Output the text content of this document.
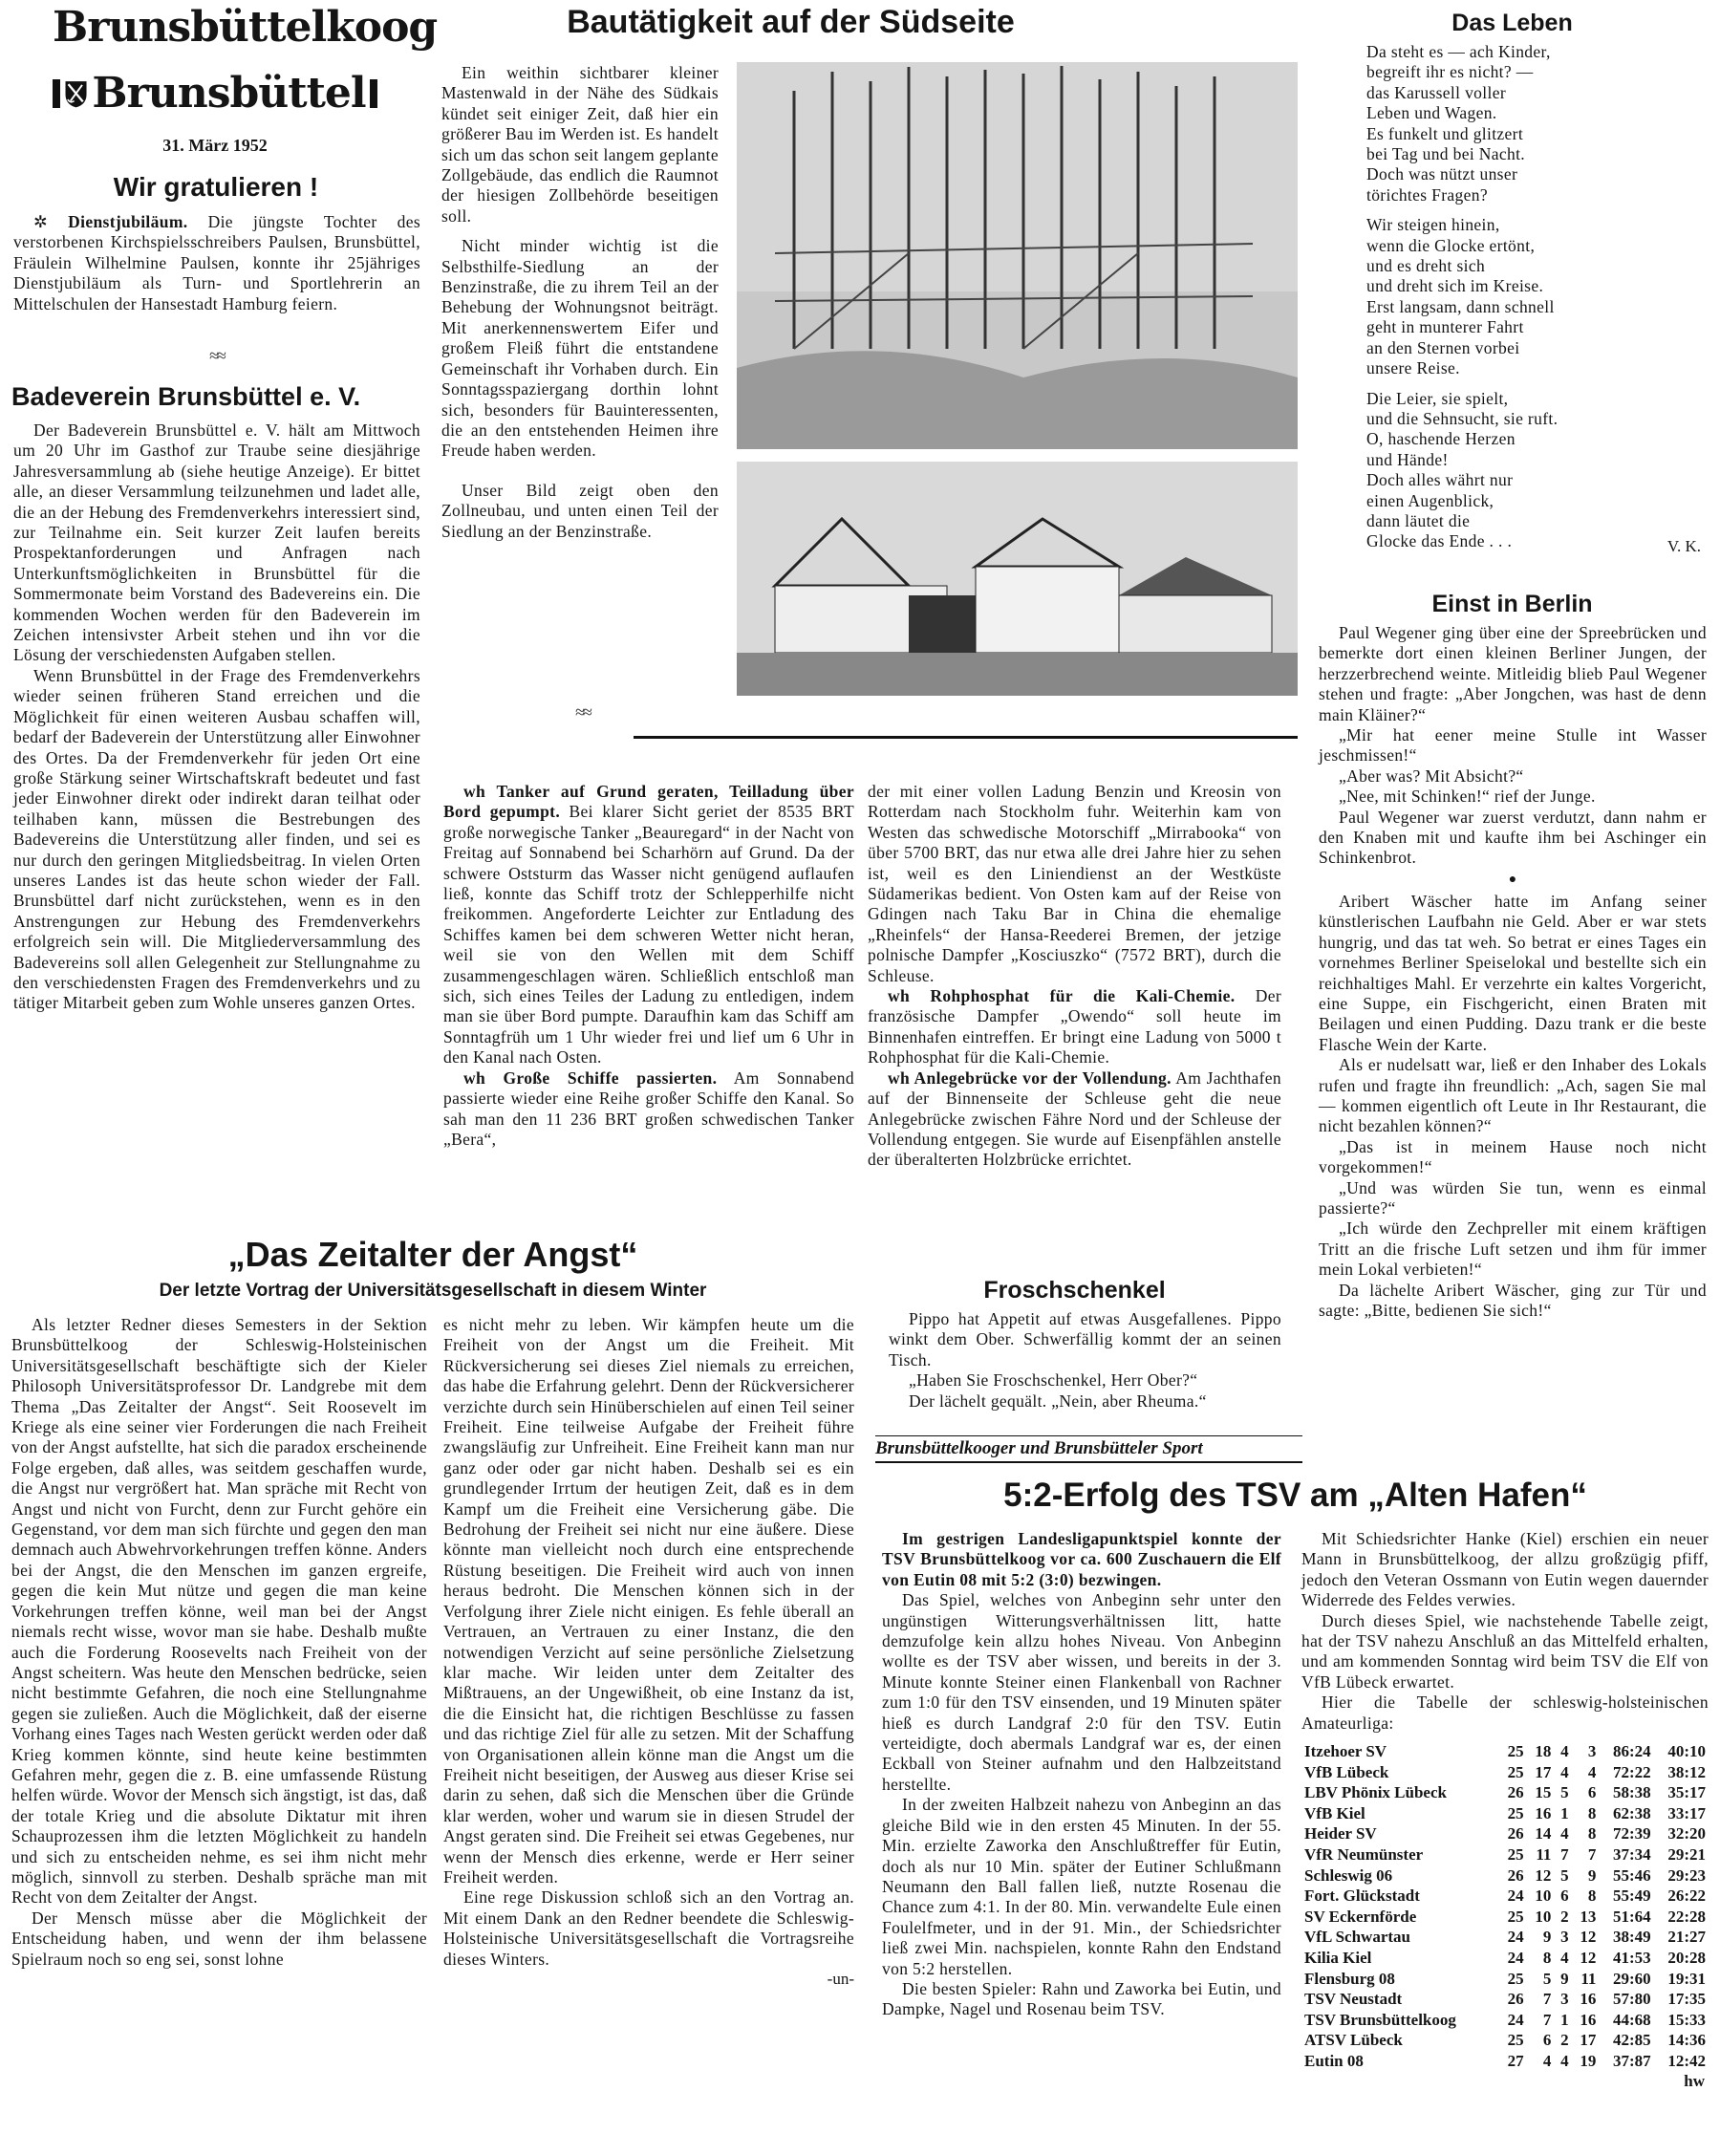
Brunsbüttelkoog
Brunsbüttel
31. März 1952
Wir gratulieren !

✲ Dienstjubiläum. Die jüngste Tochter des verstorbenen Kirchspielsschreibers Paulsen, Brunsbüttel, Fräulein Wilhelmine Paulsen, konnte ihr 25jähriges Dienstjubiläum als Turn- und Sportlehrerin an Mittelschulen der Hansestadt Hamburg feiern.

≈≈
Badeverein Brunsbüttel e. V.

Der Badeverein Brunsbüttel e. V. hält am Mittwoch um 20 Uhr im Gasthof zur Traube seine diesjährige Jahresversammlung ab (siehe heutige Anzeige). Er bittet alle, an dieser Versammlung teilzunehmen und ladet alle, die an der Hebung des Fremdenverkehrs interessiert sind, zur Teilnahme ein. Seit kurzer Zeit laufen bereits Prospektanforderungen und Anfragen nach Unterkunftsmöglichkeiten in Brunsbüttel für die Sommermonate beim Vorstand des Badevereins ein. Die kommenden Wochen werden für den Badeverein im Zeichen intensivster Arbeit stehen und ihn vor die Lösung der verschiedensten Aufgaben stellen.

Wenn Brunsbüttel in der Frage des Fremdenverkehrs wieder seinen früheren Stand erreichen und die Möglichkeit für einen weiteren Ausbau schaffen will, bedarf der Badeverein der Unterstützung aller Einwohner des Ortes. Da der Fremdenverkehr für jeden Ort eine große Stärkung seiner Wirtschaftskraft bedeutet und fast jeder Einwohner direkt oder indirekt daran teilhat oder teilhaben kann, müssen die Bestrebungen des Badevereins die Unterstützung aller finden, und sei es nur durch den geringen Mitgliedsbeitrag. In vielen Orten unseres Landes ist das heute schon wieder der Fall. Brunsbüttel darf nicht zurückstehen, wenn es in den Anstrengungen zur Hebung des Fremdenverkehrs erfolgreich sein will. Die Mitgliederversammlung des Badevereins soll allen Gelegenheit zur Stellungnahme zu den verschiedensten Fragen des Fremdenverkehrs und zu tätiger Mitarbeit geben zum Wohle unseres ganzen Ortes.

Bautätigkeit auf der Südseite

Ein weithin sichtbarer kleiner Mastenwald in der Nähe des Südkais kündet seit einiger Zeit, daß hier ein größerer Bau im Werden ist. Es handelt sich um das schon seit langem geplante Zollgebäude, das endlich die Raumnot der hiesigen Zollbehörde beseitigen soll.

Nicht minder wichtig ist die Selbsthilfe-Siedlung an der Benzinstraße, die zu ihrem Teil an der Behebung der Wohnungsnot beiträgt. Mit anerkennenswertem Eifer und großem Fleiß führt die entstandene Gemeinschaft ihr Vorhaben durch. Ein Sonntagsspaziergang dorthin lohnt sich, besonders für Bauinteressenten, die an den entstehenden Heimen ihre Freude haben werden.

Unser Bild zeigt oben den Zollneubau, und unten einen Teil der Siedlung an der Benzinstraße.

≈≈
Das Leben

Da steht es — ach Kinder,
begreift ihr es nicht? —
das Karussell voller
Leben und Wagen.
Es funkelt und glitzert
bei Tag und bei Nacht.
Doch was nützt unser
törichtes Fragen?

Wir steigen hinein,
wenn die Glocke ertönt,
und es dreht sich
und dreht sich im Kreise.
Erst langsam, dann schnell
geht in munterer Fahrt
an den Sternen vorbei
unsere Reise.

Die Leier, sie spielt,
und die Sehnsucht, sie ruft.
O, haschende Herzen
und Hände!
Doch alles währt nur
einen Augenblick,
dann läutet die
Glocke das Ende . . .	V. K.
Einst in Berlin

Paul Wegener ging über eine der Spreebrücken und bemerkte dort einen kleinen Berliner Jungen, der herzzerbrechend weinte. Mitleidig blieb Paul Wegener stehen und fragte: „Aber Jongchen, was hast de denn main Kläiner?“

„Mir hat eener meine Stulle int Wasser jeschmissen!“

„Aber was? Mit Absicht?“

„Nee, mit Schinken!“ rief der Junge.

Paul Wegener war zuerst verdutzt, dann nahm er den Knaben mit und kaufte ihm bei Aschinger ein Schinkenbrot.

●

Aribert Wäscher hatte im Anfang seiner künstlerischen Laufbahn nie Geld. Aber er war stets hungrig, und das tat weh. So betrat er eines Tages ein vornehmes Berliner Speiselokal und bestellte sich ein reichhaltiges Mahl. Er verzehrte ein kaltes Vorgericht, eine Suppe, ein Fischgericht, einen Braten mit Beilagen und einen Pudding. Dazu trank er die beste Flasche Wein der Karte.

Als er nudelsatt war, ließ er den Inhaber des Lokals rufen und fragte ihn freundlich: „Ach, sagen Sie mal — kommen eigentlich oft Leute in Ihr Restaurant, die nicht bezahlen können?“

„Das ist in meinem Hause noch nicht vorgekommen!“

„Und was würden Sie tun, wenn es einmal passierte?“

„Ich würde den Zechpreller mit einem kräftigen Tritt an die frische Luft setzen und ihm für immer mein Lokal verbieten!“

Da lächelte Aribert Wäscher, ging zur Tür und sagte: „Bitte, bedienen Sie sich!“

wh Tanker auf Grund geraten, Teilladung über Bord gepumpt. Bei klarer Sicht geriet der 8535 BRT große norwegische Tanker „Beauregard“ in der Nacht von Freitag auf Sonnabend bei Scharhörn auf Grund. Da der schwere Oststurm das Wasser nicht genügend auflaufen ließ, konnte das Schiff trotz der Schlepperhilfe nicht freikommen. Angeforderte Leichter zur Entladung des Schiffes kamen bei dem schweren Wetter nicht heran, weil sie von den Wellen mit dem Schiff zusammengeschlagen wären. Schließlich entschloß man sich, sich eines Teiles der Ladung zu entledigen, indem man sie über Bord pumpte. Daraufhin kam das Schiff am Sonntagfrüh um 1 Uhr wieder frei und lief um 6 Uhr in den Kanal nach Osten.

wh Große Schiffe passierten. Am Sonnabend passierte wieder eine Reihe großer Schiffe den Kanal. So sah man den 11 236 BRT großen schwedischen Tanker „Bera“,

der mit einer vollen Ladung Benzin und Kreosin von Rotterdam nach Stockholm fuhr. Weiterhin kam von Westen das schwedische Motorschiff „Mirrabooka“ von über 5700 BRT, das nur etwa alle drei Jahre hier zu sehen ist, weil es den Liniendienst an der Westküste Südamerikas bedient. Von Osten kam auf der Reise von Gdingen nach Taku Bar in China die ehemalige „Rheinfels“ der Hansa-Reederei Bremen, der jetzige polnische Dampfer „Kosciuszko“ (7572 BRT), durch die Schleuse.

wh Rohphosphat für die Kali-Chemie. Der französische Dampfer „Owendo“ soll heute im Binnenhafen eintreffen. Er bringt eine Ladung von 5000 t Rohphosphat für die Kali-Chemie.

wh Anlegebrücke vor der Vollendung. Am Jachthafen auf der Binnenseite der Schleuse geht die neue Anlegebrücke zwischen Fähre Nord und der Schleuse der Vollendung entgegen. Sie wurde auf Eisenpfählen anstelle der überalterten Holzbrücke errichtet.

Froschschenkel

Pippo hat Appetit auf etwas Ausgefallenes. Pippo winkt dem Ober. Schwerfällig kommt der an seinen Tisch.

„Haben Sie Froschschenkel, Herr Ober?“

Der lächelt gequält. „Nein, aber Rheuma.“

„Das Zeitalter der Angst“
Der letzte Vortrag der Universitätsgesellschaft in diesem Winter

Als letzter Redner dieses Semesters in der Sektion Brunsbüttelkoog der Schleswig-Holsteinischen Universitätsgesellschaft beschäftigte sich der Kieler Philosoph Universitätsprofessor Dr. Landgrebe mit dem Thema „Das Zeitalter der Angst“. Seit Roosevelt im Kriege als eine seiner vier Forderungen die nach Freiheit von der Angst aufstellte, hat sich die paradox erscheinende Folge ergeben, daß alles, was seitdem geschaffen wurde, die Angst nur vergrößert hat. Man spräche mit Recht von Angst und nicht von Furcht, denn zur Furcht gehöre ein Gegenstand, vor dem man sich fürchte und gegen den man demnach auch Abwehrvorkehrungen treffen könne. Anders bei der Angst, die den Menschen im ganzen ergreife, gegen die kein Mut nütze und gegen die man keine Vorkehrungen treffen könne, weil man bei der Angst niemals recht wisse, wovor man sie habe. Deshalb mußte auch die Forderung Roosevelts nach Freiheit von der Angst scheitern. Was heute den Menschen bedrücke, seien nicht bestimmte Gefahren, die noch eine Stellungnahme gegen sie zuließen. Auch die Möglichkeit, daß der eiserne Vorhang eines Tages nach Westen gerückt werden oder daß Krieg kommen könnte, sind heute keine bestimmten Gefahren mehr, gegen die z. B. eine umfassende Rüstung helfen würde. Wovor der Mensch sich ängstigt, ist das, daß der totale Krieg und die absolute Diktatur mit ihren Schauprozessen ihm die letzten Möglichkeit zu handeln und sich zu entscheiden nehme, es sei ihm nicht mehr möglich, sinnvoll zu sterben. Deshalb spräche man mit Recht von dem Zeitalter der Angst.

Der Mensch müsse aber die Möglichkeit der Entscheidung haben, und wenn der ihm belassene Spielraum noch so eng sei, sonst lohne

es nicht mehr zu leben. Wir kämpfen heute um die Freiheit von der Angst um die Freiheit. Mit Rückversicherung sei dieses Ziel niemals zu erreichen, das habe die Erfahrung gelehrt. Denn der Rückversicherer verzichte durch sein Hinüberschielen auf einen Teil seiner Freiheit. Eine teilweise Aufgabe der Freiheit führe zwangsläufig zur Unfreiheit. Eine Freiheit kann man nur ganz oder oder gar nicht haben. Deshalb sei es ein grundlegender Irrtum der heutigen Zeit, daß es in dem Kampf um die Freiheit eine Versicherung gäbe. Die Bedrohung der Freiheit sei nicht nur eine äußere. Diese könnte man vielleicht noch durch eine entsprechende Rüstung beseitigen. Die Freiheit wird auch von innen heraus bedroht. Die Menschen können sich in der Verfolgung ihrer Ziele nicht einigen. Es fehle überall an Vertrauen, an Vertrauen zu einer Instanz, die den notwendigen Verzicht auf seine persönliche Zielsetzung klar mache. Wir leiden unter dem Zeitalter des Mißtrauens, an der Ungewißheit, ob eine Instanz da ist, die die Einsicht hat, die richtigen Beschlüsse zu fassen und das richtige Ziel für alle zu setzen. Mit der Schaffung von Organisationen allein könne man die Angst um die Freiheit nicht beseitigen, der Ausweg aus dieser Krise sei darin zu sehen, daß sich die Menschen über die Gründe klar werden, woher und warum sie in diesen Strudel der Angst geraten sind. Die Freiheit sei etwas Gegebenes, nur wenn der Mensch dies erkenne, werde er Herr seiner Freiheit werden.

Eine rege Diskussion schloß sich an den Vortrag an. Mit einem Dank an den Redner beendete die Schleswig-Holsteinische Universitätsgesellschaft die Vortragsreihe dieses Winters.

-un-
Brunsbüttelkooger und Brunsbütteler Sport
5:2-Erfolg des TSV am „Alten Hafen“

Im gestrigen Landesligapunktspiel konnte der TSV Brunsbüttelkoog vor ca. 600 Zuschauern die Elf von Eutin 08 mit 5:2 (3:0) bezwingen.

Das Spiel, welches von Anbeginn sehr unter den ungünstigen Witterungsverhältnissen litt, hatte demzufolge kein allzu hohes Niveau. Von Anbeginn wollte es der TSV aber wissen, und bereits in der 3. Minute konnte Steiner einen Flankenball von Rachner zum 1:0 für den TSV einsenden, und 19 Minuten später hieß es durch Landgraf 2:0 für den TSV. Eutin verteidigte, doch abermals Landgraf war es, der einen Eckball von Steiner aufnahm und den Halbzeitstand herstellte.

In der zweiten Halbzeit nahezu von Anbeginn an das gleiche Bild wie in den ersten 45 Minuten. In der 55. Min. erzielte Zaworka den Anschlußtreffer für Eutin, doch als nur 10 Min. später der Eutiner Schlußmann Neumann den Ball fallen ließ, nutzte Rosenau die Chance zum 4:1. In der 80. Min. verwandelte Eule einen Foulelfmeter, und in der 91. Min., der Schiedsrichter ließ zwei Min. nachspielen, konnte Rahn den Endstand von 5:2 herstellen.

Die besten Spieler: Rahn und Zaworka bei Eutin, und Dampke, Nagel und Rosenau beim TSV.

Mit Schiedsrichter Hanke (Kiel) erschien ein neuer Mann in Brunsbüttelkoog, der allzu großzügig pfiff, jedoch den Veteran Ossmann von Eutin wegen dauernder Widerrede des Feldes verwies.

Durch dieses Spiel, wie nachstehende Tabelle zeigt, hat der TSV nahezu Anschluß an das Mittelfeld erhalten, und am kommenden Sonntag wird beim TSV die Elf von VfB Lübeck erwartet.

Hier die Tabelle der schleswig-holsteinischen Amateurliga:

Itzehoer SV	25	18	4	3	86:24	40:10
VfB Lübeck	25	17	4	4	72:22	38:12
LBV Phönix Lübeck	26	15	5	6	58:38	35:17
VfB Kiel	25	16	1	8	62:38	33:17
Heider SV	26	14	4	8	72:39	32:20
VfR Neumünster	25	11	7	7	37:34	29:21
Schleswig 06	26	12	5	9	55:46	29:23
Fort. Glückstadt	24	10	6	8	55:49	26:22
SV Eckernförde	25	10	2	13	51:64	22:28
VfL Schwartau	24	9	3	12	38:49	21:27
Kilia Kiel	24	8	4	12	41:53	20:28
Flensburg 08	25	5	9	11	29:60	19:31
TSV Neustadt	26	7	3	16	57:80	17:35
TSV Brunsbüttelkoog	24	7	1	16	44:68	15:33
ATSV Lübeck	25	6	2	17	42:85	14:36
Eutin 08	27	4	4	19	37:87	12:42
hw
